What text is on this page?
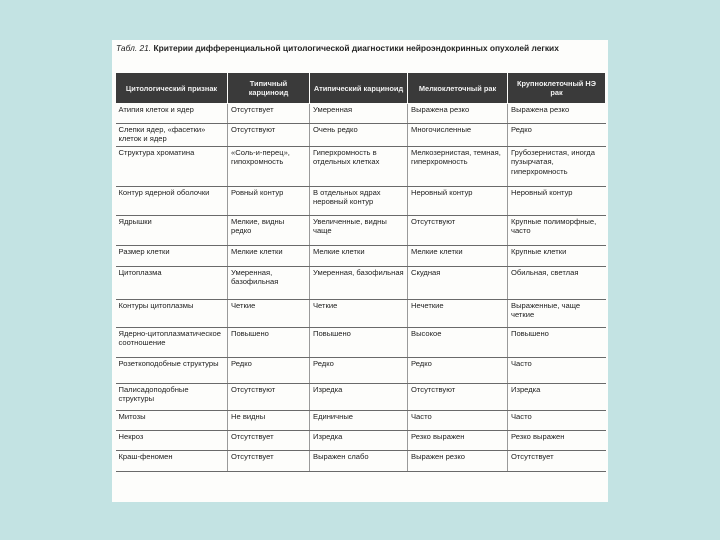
Табл. 21. Критерии дифференциальной цитологической диагностики нейроэндокринных опухолей легких
Цитологический признак	Типичный карциноид	Атипический карциноид	Мелкоклеточный рак	Крупноклеточный НЭ рак
Атипия клеток и ядер	Отсутствует	Умеренная	Выражена резко	Выражена резко
Слепки ядер, «фасетки» клеток и ядер	Отсутствуют	Очень редко	Многочисленные	Редко
Структура хроматина	«Соль-и-перец», гипохромность	Гиперхромность в отдельных клетках	Мелкозернистая, темная, гиперхромность	Грубозернистая, иногда пузырчатая, гиперхромность
Контур ядерной оболочки	Ровный контур	В отдельных ядрах неровный контур	Неровный контур	Неровный контур
Ядрышки	Мелкие, видны редко	Увеличенные, видны чаще	Отсутствуют	Крупные полиморфные, часто
Размер клетки	Мелкие клетки	Мелкие клетки	Мелкие клетки	Крупные клетки
Цитоплазма	Умеренная, базофильная	Умеренная, базофильная	Скудная	Обильная, светлая
Контуры цитоплазмы	Четкие	Четкие	Нечеткие	Выраженные, чаще четкие
Ядерно-цитоплазматическое соотношение	Повышено	Повышено	Высокое	Повышено
Розеткоподобные структуры	Редко	Редко	Редко	Часто
Палисадоподобные структуры	Отсутствуют	Изредка	Отсутствуют	Изредка
Митозы	Не видны	Единичные	Часто	Часто
Некроз	Отсутствует	Изредка	Резко выражен	Резко выражен
Краш-феномен	Отсутствует	Выражен слабо	Выражен резко	Отсутствует
